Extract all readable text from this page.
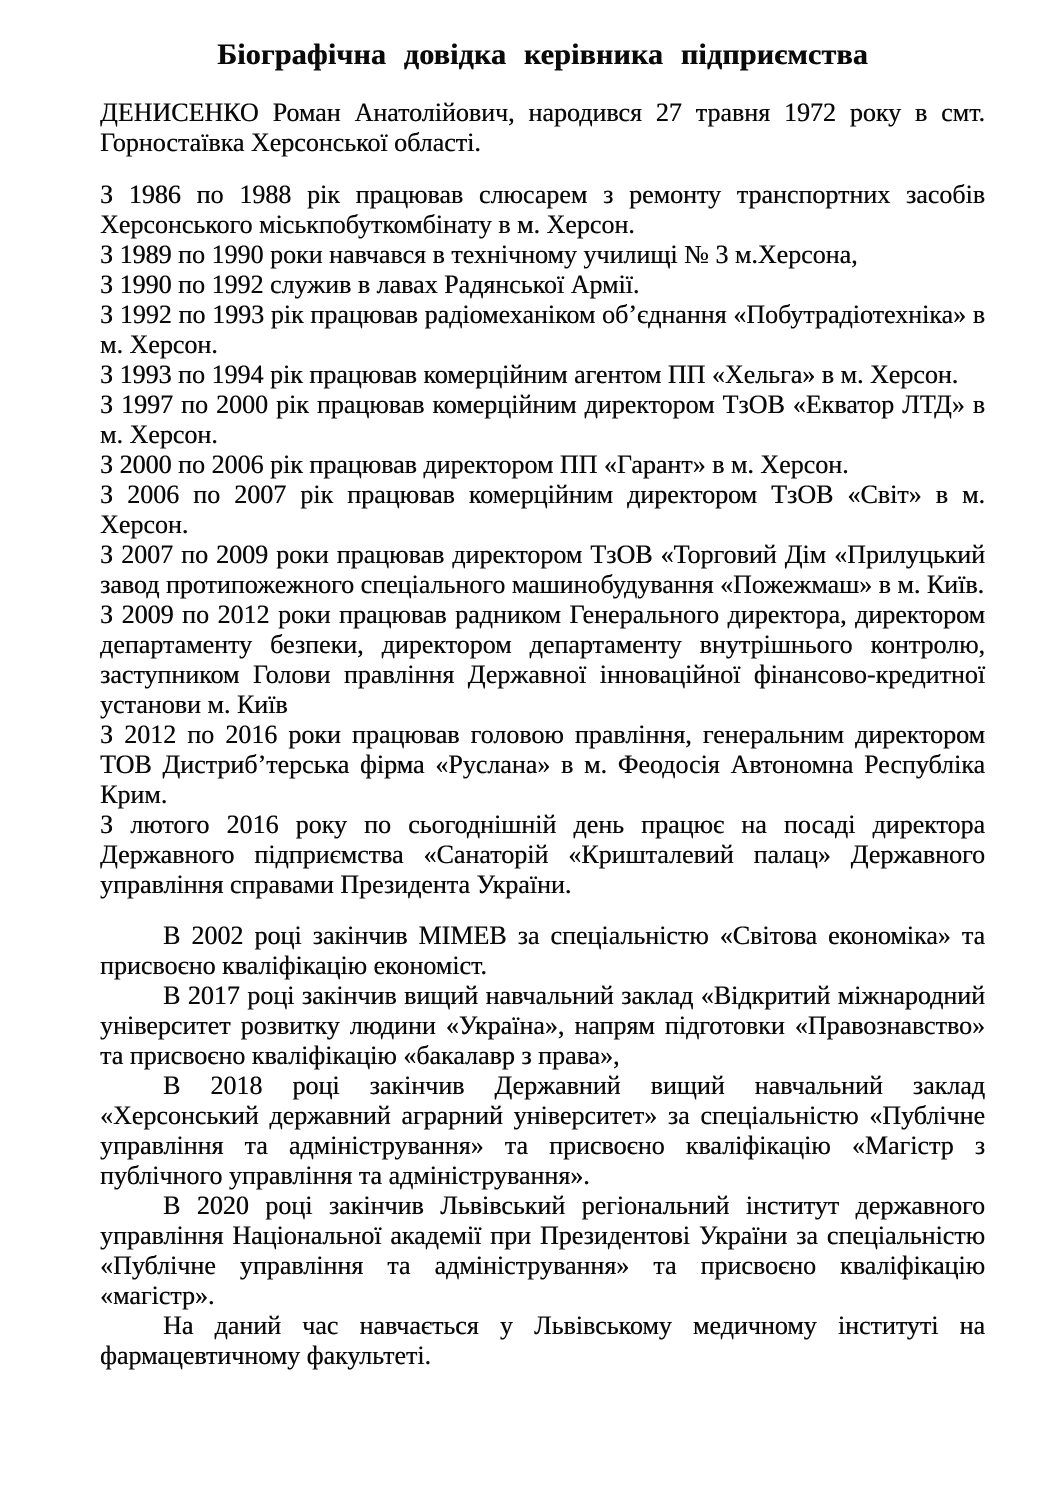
Біографічна довідка керівника підприємства

ДЕНИСЕНКО Роман Анатолійович, народився 27 травня 1972 року в смт. Горностаївка Херсонської області.

З 1986 по 1988 рік працював слюсарем з ремонту транспортних засобів Херсонського міськпобуткомбінату в м. Херсон.

З 1989 по 1990 роки навчався в технічному училищі № 3 м.Херсона,

З 1990 по 1992 служив в лавах Радянської Армії.

З 1992 по 1993 рік працював радіомеханіком об’єднання «Побутрадіотехніка» в м. Херсон.

З 1993 по 1994 рік працював комерційним агентом ПП «Хельга» в м. Херсон.

З 1997 по 2000 рік працював комерційним директором ТзОВ «Екватор ЛТД» в м. Херсон.

З 2000 по 2006 рік працював директором ПП «Гарант» в м. Херсон.

З 2006 по 2007 рік працював комерційним директором ТзОВ «Світ» в м. Херсон.

З 2007 по 2009 роки працював директором ТзОВ «Торговий Дім «Прилуцький завод протипожежного спеціального машинобудування «Пожежмаш» в м. Київ.

З 2009 по 2012 роки працював радником Генерального директора, директором департаменту безпеки, директором департаменту внутрішнього контролю, заступником Голови правління Державної інноваційної фінансово-кредитної установи м. Київ

З 2012 по 2016 роки працював головою правління, генеральним директором ТОВ Дистриб’терська фірма «Руслана» в м. Феодосія Автономна Республіка Крим.

З лютого 2016 року по сьогоднішній день працює на посаді директора Державного підприємства «Санаторій «Кришталевий палац» Державного управління справами Президента України.

В 2002 році закінчив МІМЕВ за спеціальністю «Світова економіка» та присвоєно кваліфікацію економіст.

В 2017 році закінчив вищий навчальний заклад «Відкритий міжнародний університет розвитку людини «Україна», напрям підготовки «Правознавство» та присвоєно кваліфікацію «бакалавр з права»,

В 2018 році закінчив Державний вищий навчальний заклад «Херсонський державний аграрний університет» за спеціальністю «Публічне управління та адміністрування» та присвоєно кваліфікацію «Магістр з публічного управління та адміністрування».

В 2020 році закінчив Львівський регіональний інститут державного управління Національної академії при Президентові України за спеціальністю «Публічне управління та адміністрування» та присвоєно кваліфікацію «магістр».

На даний час навчається у Львівському медичному інституті на фармацевтичному факультеті.
